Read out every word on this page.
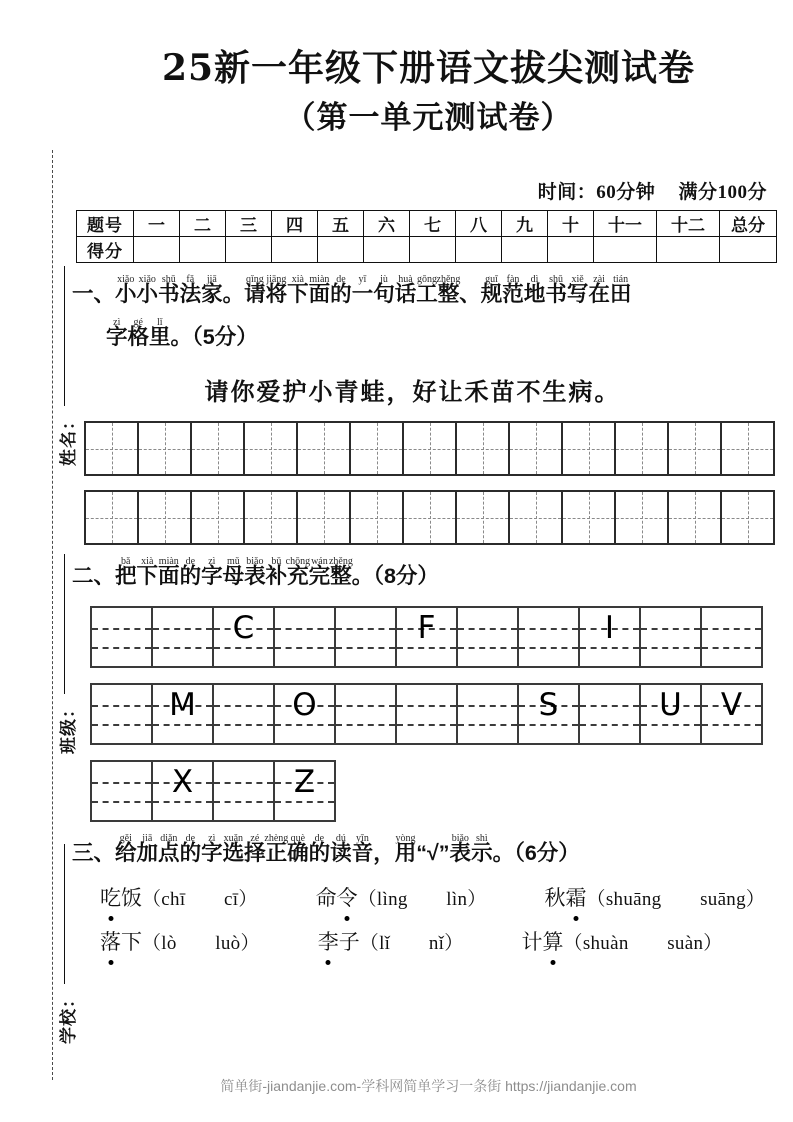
姓名：
班级：
学校：
25新一年级下册语文拔尖测试卷
（第一单元测试卷）
时间：60分钟 满分100分
题号	一	二	三	四	五	六	七	八	九	十	十一	十二	总分
得分													
一、
xiǎo
小
xiǎo
小
shū
书
fǎ
法
jiā
家。
qǐng
请
jiāng
将
xià
下
miàn
面
de
的
yī
一
jù
句
huà
话
gōng
工
zhěng
整、
guī
规
fàn
范
dì
地
shū
书
xiě
写
zài
在
tián
田
zì
字
gé
格
lǐ
里。（5分）
请你爱护小青蛙，好让禾苗不生病。
二、
bǎ
把
xià
下
miàn
面
de
的
zì
字
mǔ
母
biǎo
表
bǔ
补
chōng
充
wán
完
zhěng
整。（8分）
C	F	I
M	O	S	U	V
X	Z
三、
gěi
给
jiā
加
diǎn
点
de
的
zì
字
xuǎn
选
zé
择
zhèng
正
què
确
de
的
dú
读
yīn
音，
yòng
用“√”
biǎo
表
shì
示。（6分）
吃饭（chī　　cī）	命令（lìng　　lìn）	秋霜（shuāng　　suāng）
落下（lò　　luò）	李子（lǐ　　nǐ）	计算（shuàn　　suàn）
简单街-jiandanjie.com-学科网简单学习一条街 https://jiandanjie.com
